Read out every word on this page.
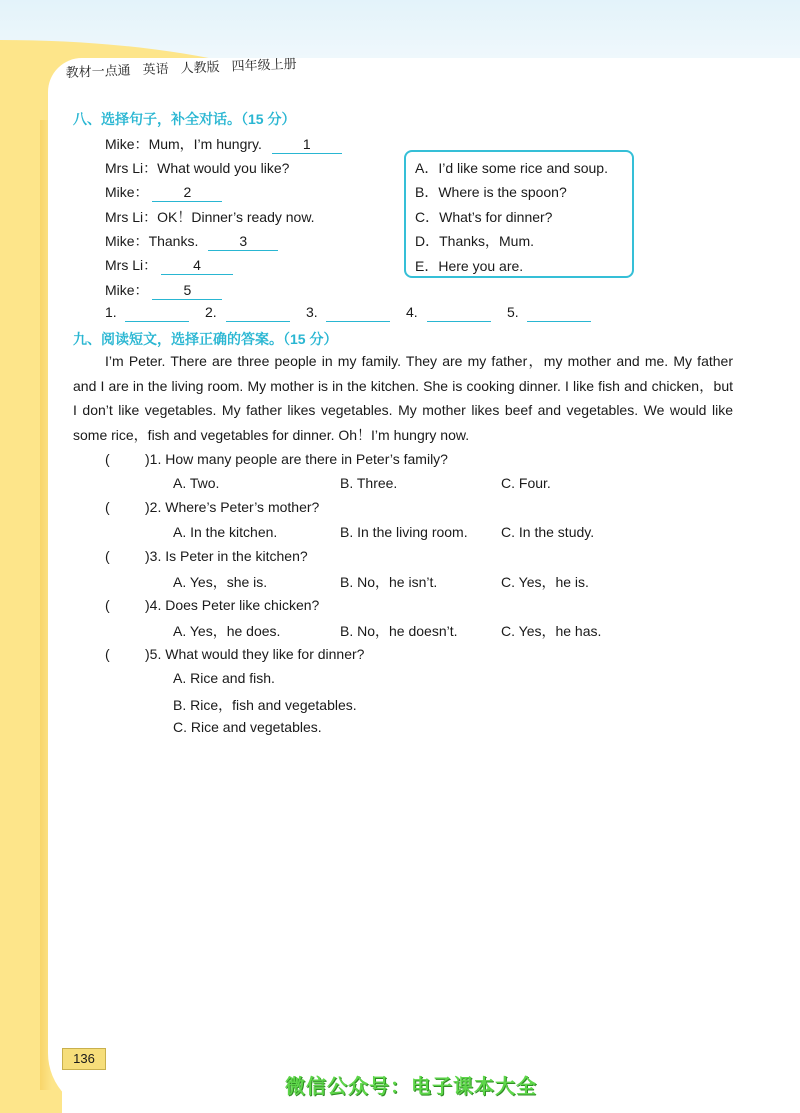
教材一点通 英语 人教版 四年级上册
八、选择句子，补全对话。（15 分）
Mike：Mum，I’m hungry.	1
Mrs Li：What would you like?
Mike： 2
Mrs Li：OK！Dinner’s ready now.
Mike：Thanks.	3
Mrs Li：	4
Mike： 5
A．I’d like some rice and soup.
B．Where is the spoon?
C．What’s for dinner?
D．Thanks，Mum.
E．Here you are.
1.	2.	3.	4.	5.
九、阅读短文，选择正确的答案。（15 分）

I’m Peter. There are three people in my family. They are my father，my mother and me. My father and I are in the living room. My mother is in the kitchen. She is cooking dinner. I like fish and chicken，but I don’t like vegetables. My father likes vegetables. My mother likes beef and vegetables. We would like some rice，fish and vegetables for dinner. Oh！I’m hungry now.

(	)1. How many people are there in Peter’s family?
A. Two.	B. Three.	C. Four.
(	)2. Where’s Peter’s mother?
A. In the kitchen.	B. In the living room. C. In the study.
(	)3. Is Peter in the kitchen?
A. Yes，she is.	B. No，he isn’t.	C. Yes，he is.
(	)4. Does Peter like chicken?
A. Yes，he does.	B. No，he doesn’t.	C. Yes，he has.
(	)5. What would they like for dinner?
A. Rice and fish.
B. Rice，fish and vegetables.
C. Rice and vegetables.
136
微信公众号：电子课本大全
